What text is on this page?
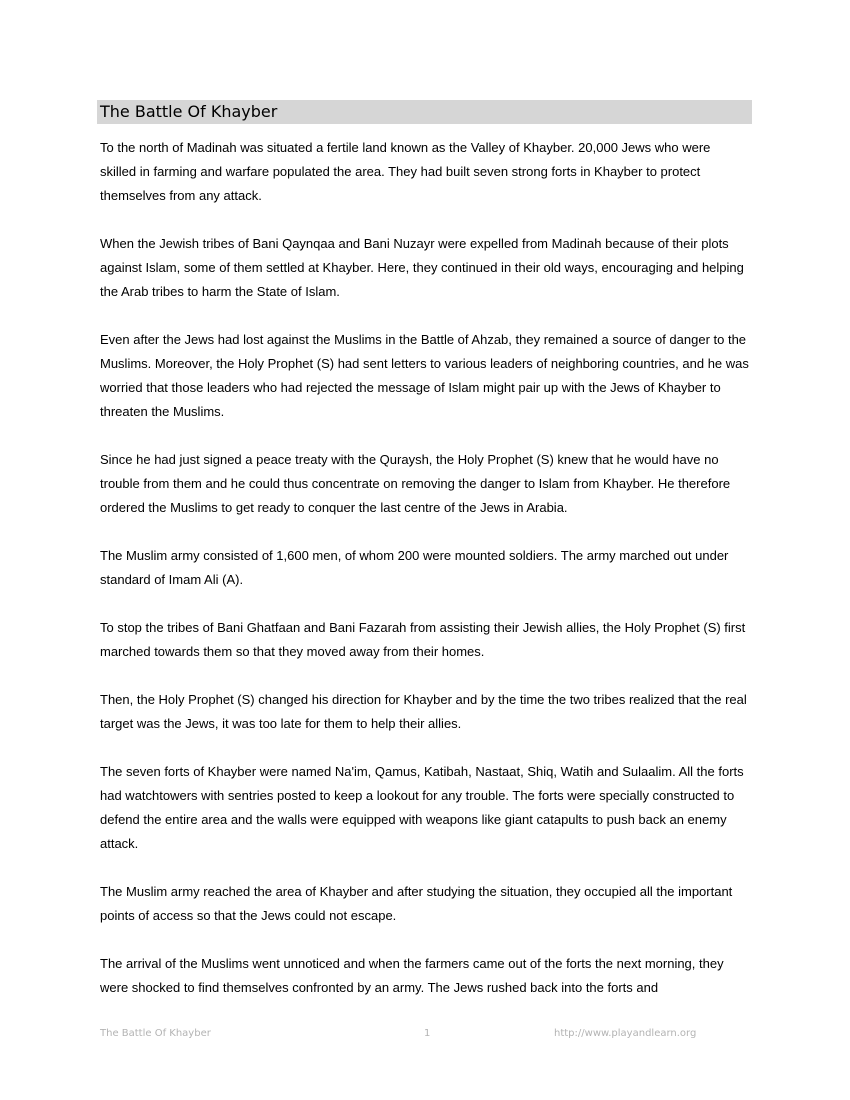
The Battle Of Khayber

To the north of Madinah was situated a fertile land known as the Valley of Khayber. 20,000 Jews who were skilled in farming and warfare populated the area. They had built seven strong forts in Khayber to protect themselves from any attack.

When the Jewish tribes of Bani Qaynqaa and Bani Nuzayr were expelled from Madinah because of their plots against Islam, some of them settled at Khayber. Here, they continued in their old ways, encouraging and helping the Arab tribes to harm the State of Islam.

Even after the Jews had lost against the Muslims in the Battle of Ahzab, they remained a source of danger to the Muslims. Moreover, the Holy Prophet (S) had sent letters to various leaders of neighboring countries, and he was worried that those leaders who had rejected the message of Islam might pair up with the Jews of Khayber to threaten the Muslims.

Since he had just signed a peace treaty with the Quraysh, the Holy Prophet (S) knew that he would have no trouble from them and he could thus concentrate on removing the danger to Islam from Khayber. He therefore ordered the Muslims to get ready to conquer the last centre of the Jews in Arabia.

The Muslim army consisted of 1,600 men, of whom 200 were mounted soldiers. The army marched out under standard of Imam Ali (A).

To stop the tribes of Bani Ghatfaan and Bani Fazarah from assisting their Jewish allies, the Holy Prophet (S) first marched towards them so that they moved away from their homes.

Then, the Holy Prophet (S) changed his direction for Khayber and by the time the two tribes realized that the real target was the Jews, it was too late for them to help their allies.

The seven forts of Khayber were named Na'im, Qamus, Katibah, Nastaat, Shiq, Watih and Sulaalim. All the forts had watchtowers with sentries posted to keep a lookout for any trouble. The forts were specially constructed to defend the entire area and the walls were equipped with weapons like giant catapults to push back an enemy attack.

The Muslim army reached the area of Khayber and after studying the situation, they occupied all the important points of access so that the Jews could not escape.

The arrival of the Muslims went unnoticed and when the farmers came out of the forts the next morning, they were shocked to find themselves confronted by an army. The Jews rushed back into the forts and

The Battle Of Khayber	1	http://www.playandlearn.org
